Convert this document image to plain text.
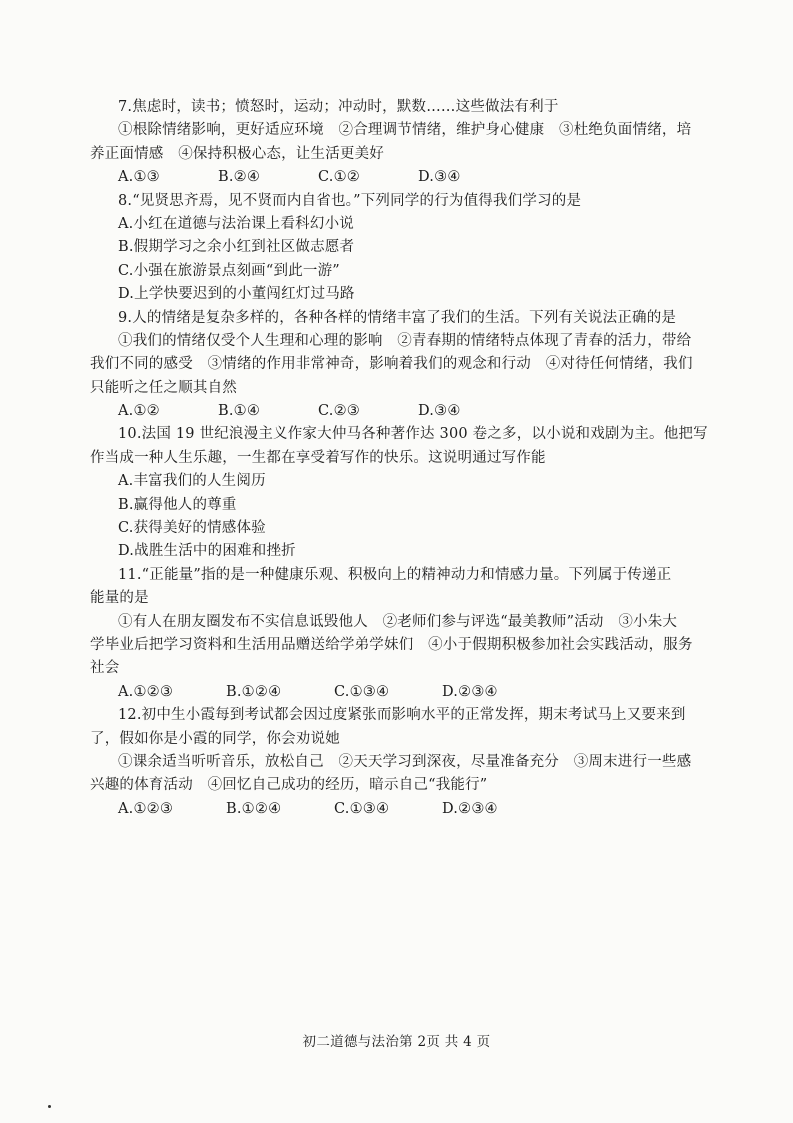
7.焦虑时，读书；愤怒时，运动；冲动时，默数……这些做法有利于
①根除情绪影响，更好适应环境　②合理调节情绪，维护身心健康　③杜绝负面情绪，培
养正面情感　④保持积极心态，让生活更美好
A.①③	B.②④	C.①②	D.③④
8.“见贤思齐焉，见不贤而内自省也。”下列同学的行为值得我们学习的是
A.小红在道德与法治课上看科幻小说
B.假期学习之余小红到社区做志愿者
C.小强在旅游景点刻画“到此一游”
D.上学快要迟到的小董闯红灯过马路
9.人的情绪是复杂多样的，各种各样的情绪丰富了我们的生活。下列有关说法正确的是
①我们的情绪仅受个人生理和心理的影响　②青春期的情绪特点体现了青春的活力，带给
我们不同的感受　③情绪的作用非常神奇，影响着我们的观念和行动　④对待任何情绪，我们
只能听之任之顺其自然
A.①②	B.①④	C.②③	D.③④
10.法国 19 世纪浪漫主义作家大仲马各种著作达 300 卷之多，以小说和戏剧为主。他把写
作当成一种人生乐趣，一生都在享受着写作的快乐。这说明通过写作能
A.丰富我们的人生阅历
B.赢得他人的尊重
C.获得美好的情感体验
D.战胜生活中的困难和挫折
11.“正能量”指的是一种健康乐观、积极向上的精神动力和情感力量。下列属于传递正
能量的是
①有人在朋友圈发布不实信息诋毁他人　②老师们参与评选“最美教师”活动　③小朱大
学毕业后把学习资料和生活用品赠送给学弟学妹们　④小于假期积极参加社会实践活动，服务
社会
A.①②③	B.①②④	C.①③④	D.②③④
12.初中生小霞每到考试都会因过度紧张而影响水平的正常发挥，期末考试马上又要来到
了，假如你是小霞的同学，你会劝说她
①课余适当听听音乐，放松自己　②天天学习到深夜，尽量准备充分　③周末进行一些感
兴趣的体育活动　④回忆自己成功的经历，暗示自己“我能行”
A.①②③	B.①②④	C.①③④	D.②③④
初二道德与法治第 2页 共 4 页
